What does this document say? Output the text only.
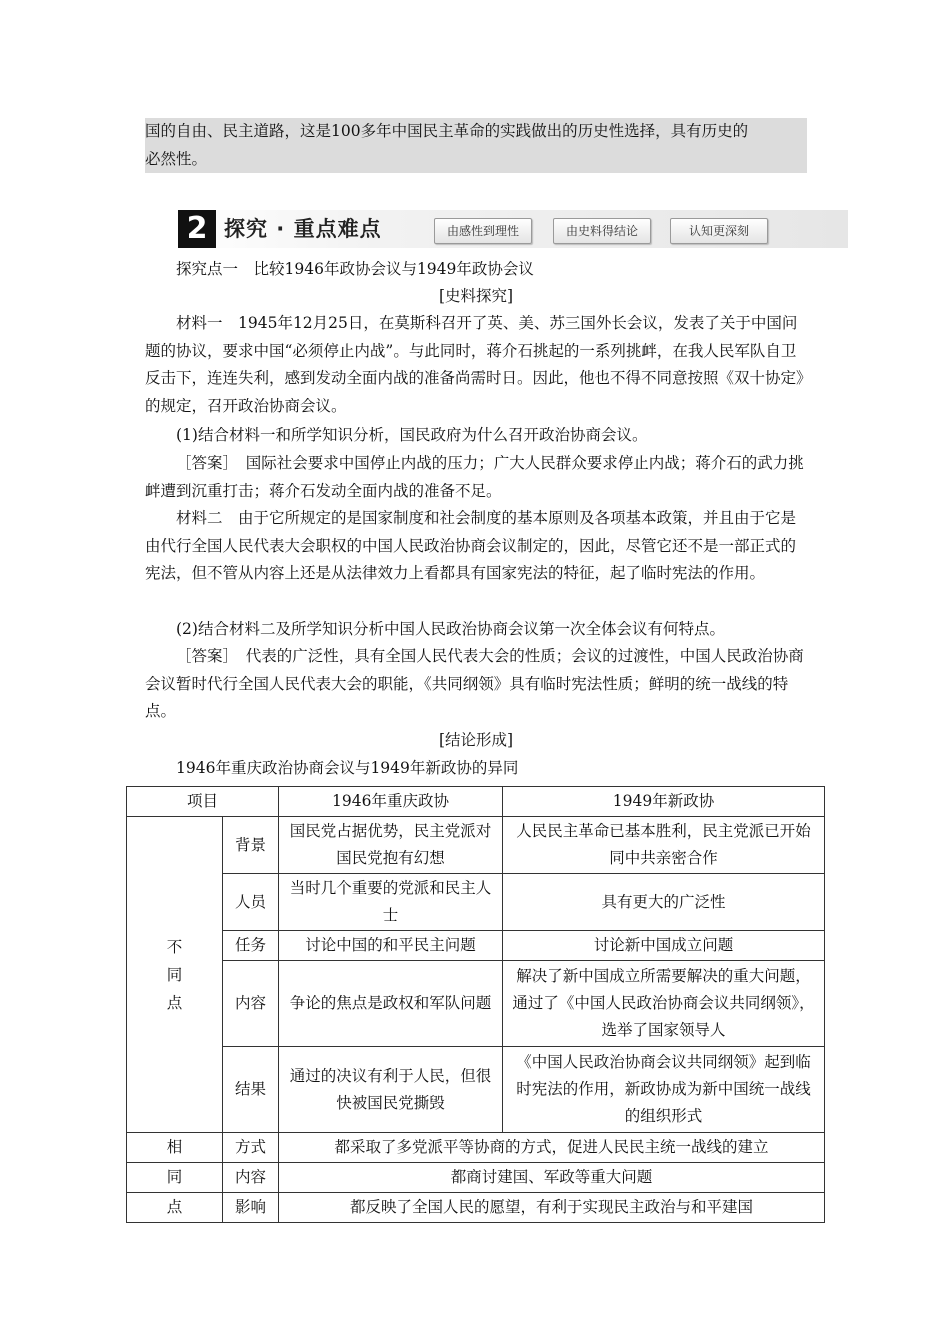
国的自由、民主道路，这是100多年中国民主革命的实践做出的历史性选择，具有历史的
必然性。
2 探究 · 重点难点	由感性到理性	由史料得结论	认知更深刻

探究点一　比较1946年政协会议与1949年政协会议

[史料探究]

材料一　1945年12月25日，在莫斯科召开了英、美、苏三国外长会议，发表了关于中国问题的协议，要求中国“必须停止内战”。与此同时，蒋介石挑起的一系列挑衅，在我人民军队自卫反击下，连连失利，感到发动全面内战的准备尚需时日。因此，他也不得不同意按照《双十协定》的规定，召开政治协商会议。

(1)结合材料一和所学知识分析，国民政府为什么召开政治协商会议。

［答案］　国际社会要求中国停止内战的压力；广大人民群众要求停止内战；蒋介石的武力挑衅遭到沉重打击；蒋介石发动全面内战的准备不足。

材料二　由于它所规定的是国家制度和社会制度的基本原则及各项基本政策，并且由于它是由代行全国人民代表大会职权的中国人民政治协商会议制定的，因此，尽管它还不是一部正式的宪法，但不管从内容上还是从法律效力上看都具有国家宪法的特征，起了临时宪法的作用。

(2)结合材料二及所学知识分析中国人民政治协商会议第一次全体会议有何特点。

［答案］　代表的广泛性，具有全国人民代表大会的性质；会议的过渡性，中国人民政治协商会议暂时代行全国人民代表大会的职能，《共同纲领》具有临时宪法性质；鲜明的统一战线的特点。

[结论形成]

1946年重庆政治协商会议与1949年新政协的异同

项目		1946年重庆政协	1949年新政协
不
同
点	背景	国民党占据优势，民主党派对国民党抱有幻想	人民民主革命已基本胜利，民主党派已开始同中共亲密合作
	人员	当时几个重要的党派和民主人士	具有更大的广泛性
	任务	讨论中国的和平民主问题	讨论新中国成立问题
	内容	争论的焦点是政权和军队问题	解决了新中国成立所需要解决的重大问题，通过了《中国人民政治协商会议共同纲领》，选举了国家领导人
	结果	通过的决议有利于人民，但很快被国民党撕毁	《中国人民政治协商会议共同纲领》起到临时宪法的作用，新政协成为新中国统一战线的组织形式
相	方式	都采取了多党派平等协商的方式，促进人民民主统一战线的建立	
同	内容	都商讨建国、军政等重大问题	
点	影响	都反映了全国人民的愿望，有利于实现民主政治与和平建国	
